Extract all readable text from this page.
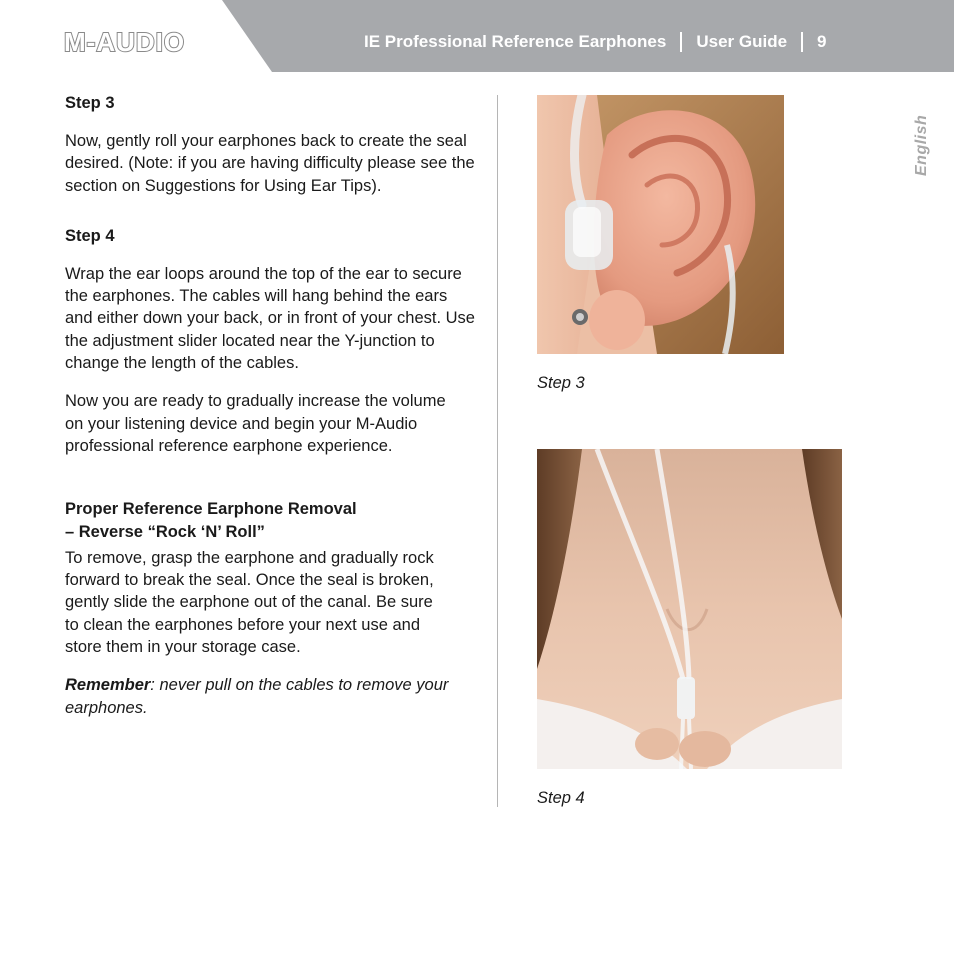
M-AUDIO	IE Professional Reference Earphones User Guide 9
English
Step 3

Now, gently roll your earphones back to create the seal desired. (Note: if you are having difficulty please see the section on Suggestions for Using Ear Tips).

Step 4

Wrap the ear loops around the top of the ear to secure the earphones. The cables will hang behind the ears and either down your back, or in front of your chest. Use the adjustment slider located near the Y-junction to change the length of the cables.

Now you are ready to gradually increase the volume on your listening device and begin your M-Audio professional reference earphone experience.

Proper Reference Earphone Removal
– Reverse “Rock ‘N’ Roll”

To remove, grasp the earphone and gradually rock forward to break the seal. Once the seal is broken, gently slide the earphone out of the canal. Be sure to clean the earphones before your next use and store them in your storage case.

Remember: never pull on the cables to remove your earphones.

Step 3
Step 4
